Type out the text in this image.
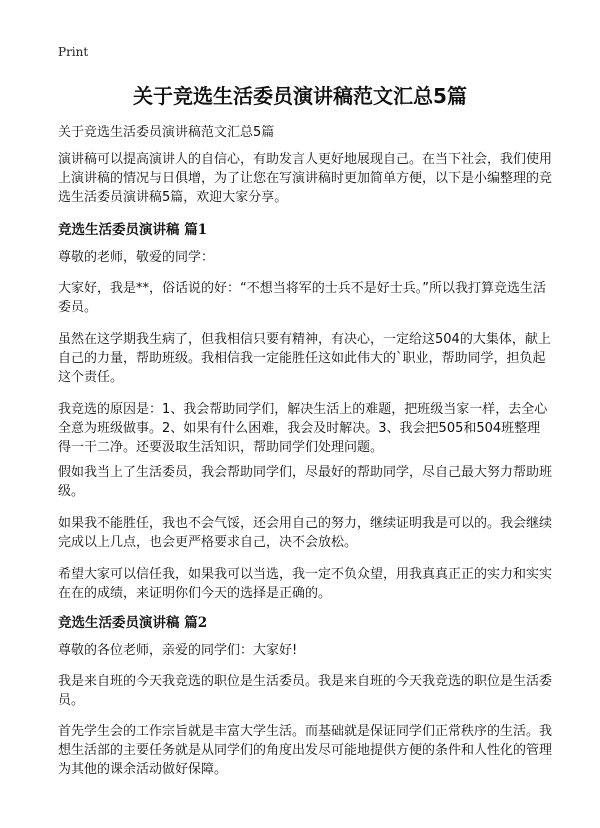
Print
关于竞选生活委员演讲稿范文汇总5篇

关于竞选生活委员演讲稿范文汇总5篇

演讲稿可以提高演讲人的自信心，有助发言人更好地展现自己。在当下社会，我们使用上演讲稿的情况与日俱增，为了让您在写演讲稿时更加简单方便，以下是小编整理的竞选生活委员演讲稿5篇，欢迎大家分享。

竞选生活委员演讲稿 篇1

尊敬的老师，敬爱的同学：

大家好，我是**，俗话说的好：“不想当将军的士兵不是好士兵。”所以我打算竞选生活委员。

虽然在这学期我生病了，但我相信只要有精神，有决心，一定给这504的大集体，献上自己的力量，帮助班级。我相信我一定能胜任这如此伟大的`职业，帮助同学，担负起这个责任。

我竞选的原因是：1、我会帮助同学们，解决生活上的难题，把班级当家一样，去全心全意为班级做事。2、如果有什么困难，我会及时解决。3、我会把505和504班整理得一干二净。还要汲取生活知识，帮助同学们处理问题。

假如我当上了生活委员，我会帮助同学们，尽最好的帮助同学，尽自己最大努力帮助班级。

如果我不能胜任，我也不会气馁，还会用自己的努力，继续证明我是可以的。我会继续完成以上几点，也会更严格要求自己，决不会放松。

希望大家可以信任我，如果我可以当选，我一定不负众望，用我真真正正的实力和实实在在的成绩，来证明你们今天的选择是正确的。

竞选生活委员演讲稿 篇2

尊敬的各位老师，亲爱的同学们：大家好!

我是来自班的今天我竞选的职位是生活委员。我是来自班的今天我竞选的职位是生活委员。

首先学生会的工作宗旨就是丰富大学生活。而基础就是保证同学们正常秩序的生活。我想生活部的主要任务就是从同学们的角度出发尽可能地提供方便的条件和人性化的管理为其他的课余活动做好保障。
